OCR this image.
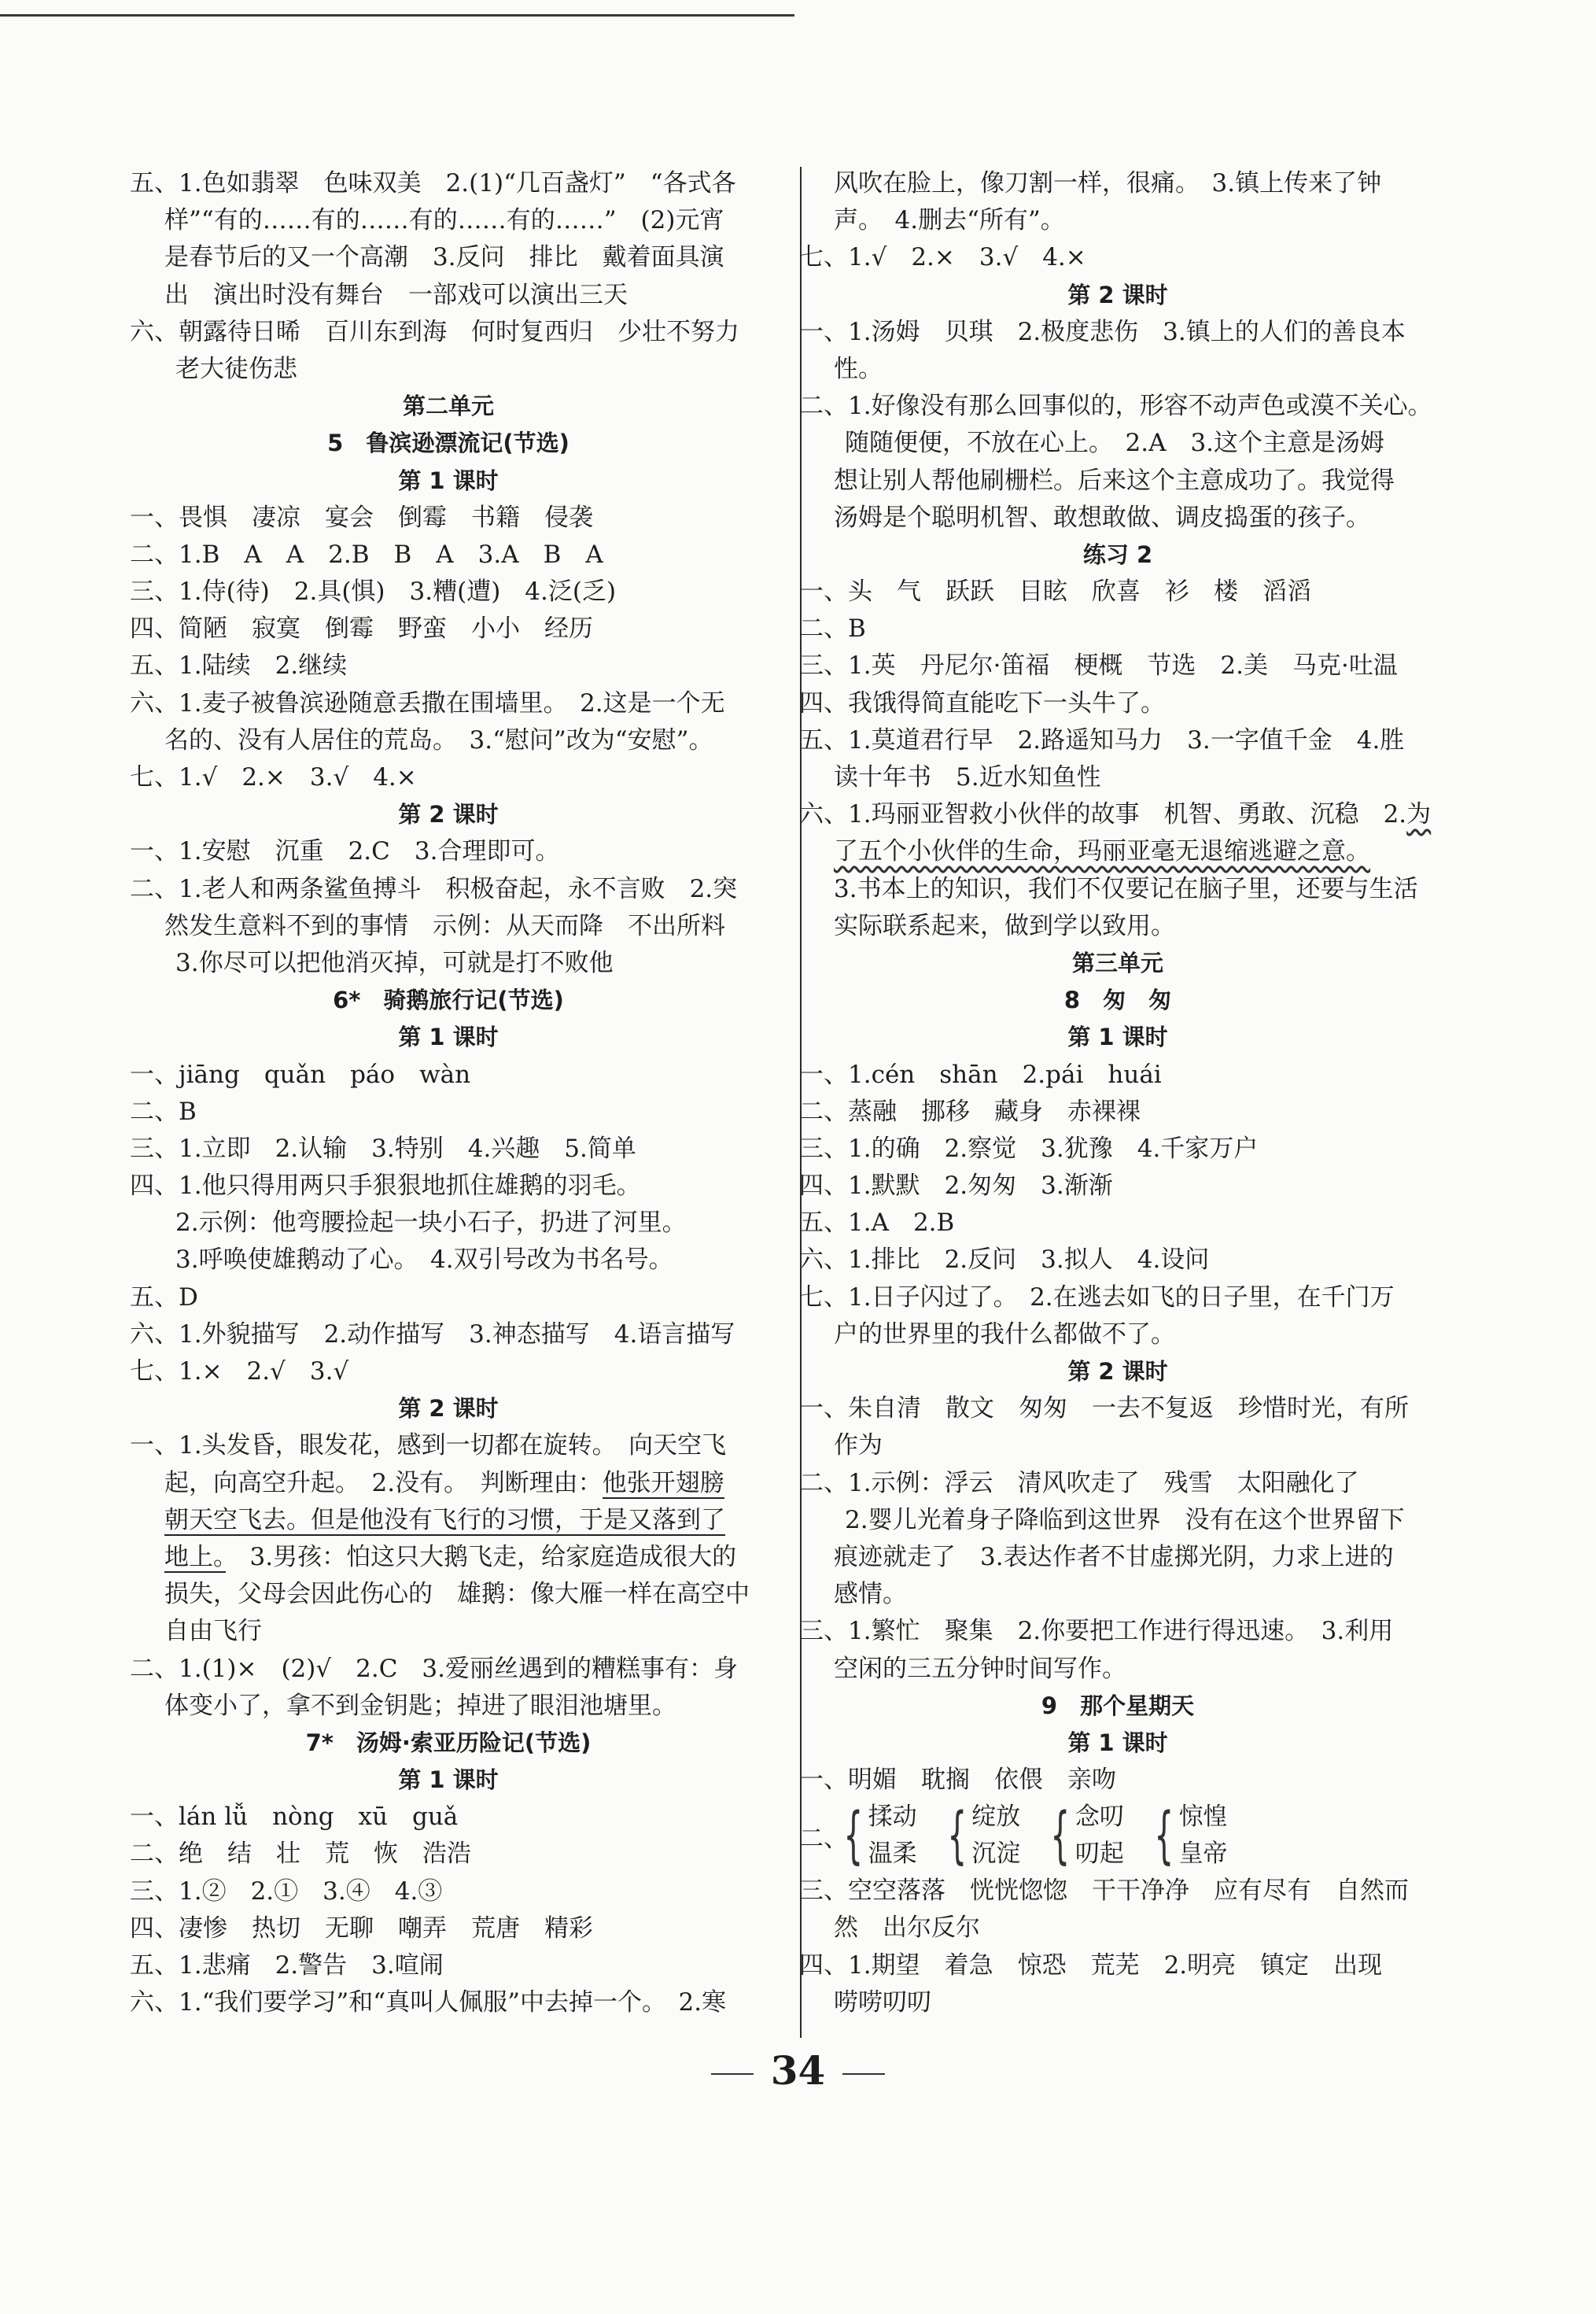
五、1.色如翡翠　色味双美　2.(1)“几百盏灯”　“各式各
样”“有的……有的……有的……有的……”　(2)元宵
是春节后的又一个高潮　3.反问　排比　戴着面具演
出　演出时没有舞台　一部戏可以演出三天
六、朝露待日晞　百川东到海　何时复西归　少壮不努力
老大徒伤悲
第二单元
5　鲁滨逊漂流记(节选)
第 1 课时
一、畏惧　凄凉　宴会　倒霉　书籍　侵袭
二、1.B　A　A　2.B　B　A　3.A　B　A
三、1.侍(待)　2.具(惧)　3.糟(遭)　4.泛(乏)
四、简陋　寂寞　倒霉　野蛮　小小　经历
五、1.陆续　2.继续
六、1.麦子被鲁滨逊随意丢撒在围墙里。　2.这是一个无
名的、没有人居住的荒岛。　3.“慰问”改为“安慰”。
七、1.√　2.×　3.√　4.×
第 2 课时
一、1.安慰　沉重　2.C　3.合理即可。
二、1.老人和两条鲨鱼搏斗　积极奋起，永不言败　2.突
然发生意料不到的事情　示例：从天而降　不出所料
3.你尽可以把他消灭掉，可就是打不败他
6*　骑鹅旅行记(节选)
第 1 课时
一、jiāng　quǎn　páo　wàn
二、B
三、1.立即　2.认输　3.特别　4.兴趣　5.简单
四、1.他只得用两只手狠狠地抓住雄鹅的羽毛。
2.示例：他弯腰捡起一块小石子，扔进了河里。
3.呼唤使雄鹅动了心。　4.双引号改为书名号。
五、D
六、1.外貌描写　2.动作描写　3.神态描写　4.语言描写
七、1.×　2.√　3.√
第 2 课时
一、1.头发昏，眼发花，感到一切都在旋转。　向天空飞
起，向高空升起。　2.没有。　判断理由：他张开翅膀
朝天空飞去。但是他没有飞行的习惯，于是又落到了
地上。　3.男孩：怕这只大鹅飞走，给家庭造成很大的
损失，父母会因此伤心的　雄鹅：像大雁一样在高空中
自由飞行
二、1.(1)×　(2)√　2.C　3.爱丽丝遇到的糟糕事有：身
体变小了，拿不到金钥匙；掉进了眼泪池塘里。
7*　汤姆·索亚历险记(节选)
第 1 课时
一、lán lǚ　nòng　xū　guǎ
二、绝　结　壮　荒　恢　浩浩
三、1.②　2.①　3.④　4.③
四、凄惨　热切　无聊　嘲弄　荒唐　精彩
五、1.悲痛　2.警告　3.喧闹
六、1.“我们要学习”和“真叫人佩服”中去掉一个。　2.寒
风吹在脸上，像刀割一样，很痛。　3.镇上传来了钟
声。　4.删去“所有”。
七、1.√　2.×　3.√　4.×
第 2 课时
一、1.汤姆　贝琪　2.极度悲伤　3.镇上的人们的善良本
性。
二、1.好像没有那么回事似的，形容不动声色或漠不关心。
随随便便，不放在心上。　2.A　3.这个主意是汤姆
想让别人帮他刷栅栏。后来这个主意成功了。我觉得
汤姆是个聪明机智、敢想敢做、调皮捣蛋的孩子。
练习 2
一、头　气　跃跃　目眩　欣喜　衫　楼　滔滔
二、B
三、1.英　丹尼尔·笛福　梗概　节选　2.美　马克·吐温
四、我饿得简直能吃下一头牛了。
五、1.莫道君行早　2.路遥知马力　3.一字值千金　4.胜
读十年书　5.近水知鱼性
六、1.玛丽亚智救小伙伴的故事　机智、勇敢、沉稳　2.为
了五个小伙伴的生命，玛丽亚毫无退缩逃避之意。
3.书本上的知识，我们不仅要记在脑子里，还要与生活
实际联系起来，做到学以致用。
第三单元
8　匆　匆
第 1 课时
一、1.cén　shān　2.pái　huái
二、蒸融　挪移　藏身　赤裸裸
三、1.的确　2.察觉　3.犹豫　4.千家万户
四、1.默默　2.匆匆　3.渐渐
五、1.A　2.B
六、1.排比　2.反问　3.拟人　4.设问
七、1.日子闪过了。　2.在逃去如飞的日子里，在千门万
户的世界里的我什么都做不了。
第 2 课时
一、朱自清　散文　匆匆　一去不复返　珍惜时光，有所
作为
二、1.示例：浮云　清风吹走了　残雪　太阳融化了
2.婴儿光着身子降临到这世界　没有在这个世界留下
痕迹就走了　3.表达作者不甘虚掷光阴，力求上进的
感情。
三、1.繁忙　聚集　2.你要把工作进行得迅速。　3.利用
空闲的三五分钟时间写作。
9　那个星期天
第 1 课时
一、明媚　耽搁　依偎　亲吻
二、
{ 揉动
温柔 { 绽放
沉淀 { 念叨
叨起 { 惊惶
皇帝
三、空空落落　恍恍惚惚　干干净净　应有尽有　自然而
然　出尔反尔
四、1.期望　着急　惊恐　荒芜　2.明亮　镇定　出现
唠唠叨叨
34
